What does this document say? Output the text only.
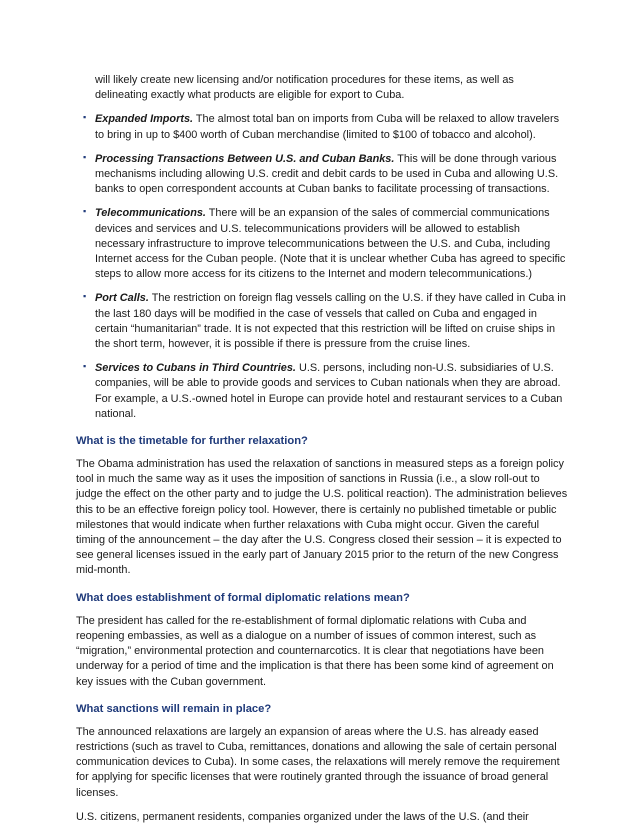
will likely create new licensing and/or notification procedures for these items, as well as delineating exactly what products are eligible for export to Cuba.

▪
Expanded Imports. The almost total ban on imports from Cuba will be relaxed to allow travelers to bring in up to $400 worth of Cuban merchandise (limited to $100 of tobacco and alcohol).
▪
Processing Transactions Between U.S. and Cuban Banks. This will be done through various mechanisms including allowing U.S. credit and debit cards to be used in Cuba and allowing U.S. banks to open correspondent accounts at Cuban banks to facilitate processing of transactions.
▪
Telecommunications. There will be an expansion of the sales of commercial communications devices and services and U.S. telecommunications providers will be allowed to establish necessary infrastructure to improve telecommunications between the U.S. and Cuba, including Internet access for the Cuban people. (Note that it is unclear whether Cuba has agreed to specific steps to allow more access for its citizens to the Internet and modern telecommunications.)
▪
Port Calls. The restriction on foreign flag vessels calling on the U.S. if they have called in Cuba in the last 180 days will be modified in the case of vessels that called on Cuba and engaged in certain “humanitarian” trade. It is not expected that this restriction will be lifted on cruise ships in the short term, however, it is possible if there is pressure from the cruise lines.
▪
Services to Cubans in Third Countries. U.S. persons, including non-U.S. subsidiaries of U.S. companies, will be able to provide goods and services to Cuban nationals when they are abroad. For example, a U.S.-owned hotel in Europe can provide hotel and restaurant services to a Cuban national.
What is the timetable for further relaxation?

The Obama administration has used the relaxation of sanctions in measured steps as a foreign policy tool in much the same way as it uses the imposition of sanctions in Russia (i.e., a slow roll-out to judge the effect on the other party and to judge the U.S. political reaction). The administration believes this to be an effective foreign policy tool. However, there is certainly no published timetable or public milestones that would indicate when further relaxations with Cuba might occur. Given the careful timing of the announcement – the day after the U.S. Congress closed their session – it is expected to see general licenses issued in the early part of January 2015 prior to the return of the new Congress mid-month.

What does establishment of formal diplomatic relations mean?

The president has called for the re-establishment of formal diplomatic relations with Cuba and reopening embassies, as well as a dialogue on a number of issues of common interest, such as “migration,” environmental protection and counternarcotics. It is clear that negotiations have been underway for a period of time and the implication is that there has been some kind of agreement on key issues with the Cuban government.

What sanctions will remain in place?

The announced relaxations are largely an expansion of areas where the U.S. has already eased restrictions (such as travel to Cuba, remittances, donations and allowing the sale of certain personal communication devices to Cuba). In some cases, the relaxations will merely remove the requirement for applying for specific licenses that were routinely granted through the issuance of broad general licenses.

U.S. citizens, permanent residents, companies organized under the laws of the U.S. (and their
